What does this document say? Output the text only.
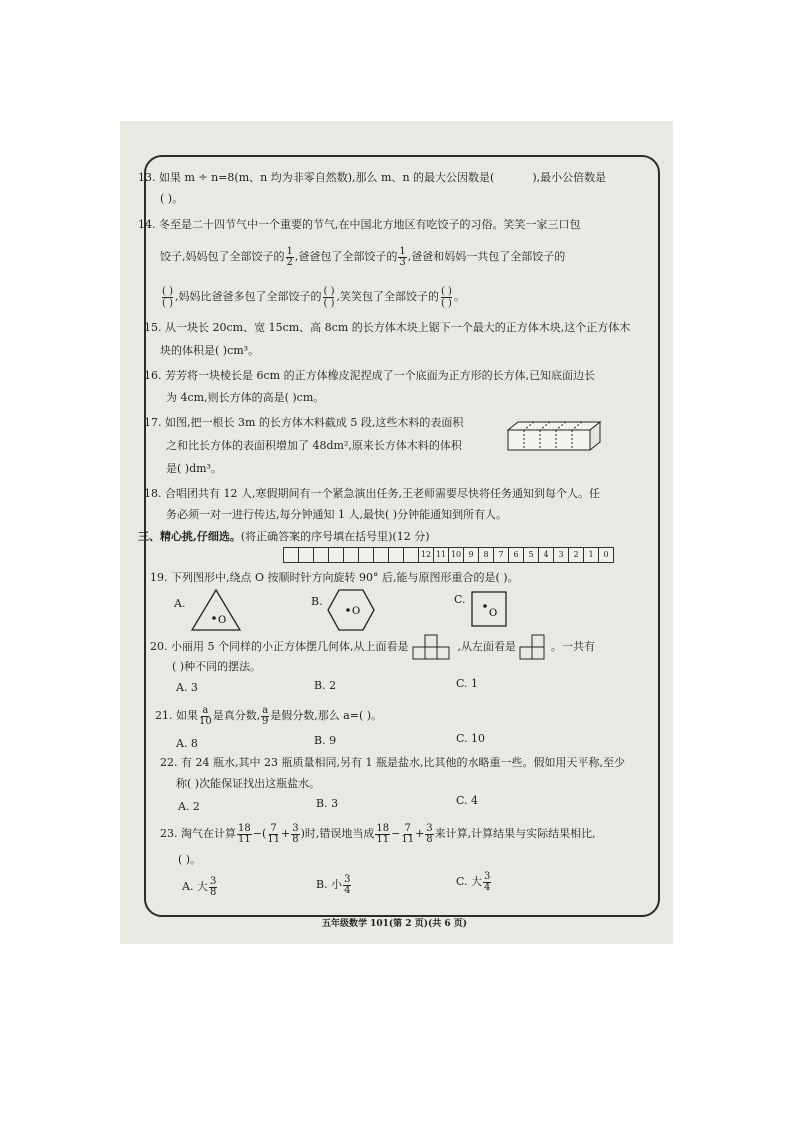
13. 如果 m ÷ n=8(m、n 均为非零自然数),那么 m、n 的最大公因数是(	),最小公倍数是
( )。
14. 冬至是二十四节气中一个重要的节气,在中国北方地区有吃饺子的习俗。笑笑一家三口包
饺子,妈妈包了全部饺子的 $\frac{1}{2}$ ,爸爸包了全部饺子的 $\frac{1}{3}$ ,爸爸和妈妈一共包了全部饺子的
( )
( ) ,妈妈比爸爸多包了全部饺子的 ( )
( ) ,笑笑包了全部饺子的 ( )
( ) 。
15. 从一块长 20cm、宽 15cm、高 8cm 的长方体木块上锯下一个最大的正方体木块,这个正方体木
块的体积是( )cm³。
16. 芳芳将一块棱长是 6cm 的正方体橡皮泥捏成了一个底面为正方形的长方体,已知底面边长
为 4cm,则长方体的高是( )cm。
17. 如图,把一根长 3m 的长方体木料截成 5 段,这些木料的表面积
之和比长方体的表面积增加了 48dm²,原来长方体木料的体积
是( )dm³。
18. 合唱团共有 12 人,寒假期间有一个紧急演出任务,王老师需要尽快将任务通知到每个人。任
务必须一对一进行传达,每分钟通知 1 人,最快( )分钟能通知到所有人。
三、精心挑,仔细选。(将正确答案的序号填在括号里)(12 分)
12 11 10 9	8	7	6	5	4	3	2	1	0
19. 下列图形中,绕点 O 按顺时针方向旋转 90° 后,能与原图形重合的是( )。
A.
O
B.
O
C.
O
20. 小丽用 5 个同样的小正方体摆几何体,从上面看是	,从左面看是	。一共有
( )种不同的摆法。
A. 3	B. 2	C. 1
21. 如果 $\frac{a}{10}$ 是真分数, $\frac{a}{9}$ 是假分数,那么 a=( )。
A. 8	B. 9	C. 10
22. 有 24 瓶水,其中 23 瓶质量相同,另有 1 瓶是盐水,比其他的水略重一些。假如用天平称,至少
称( )次能保证找出这瓶盐水。
A. 2	B. 3	C. 4
23. 淘气在计算 $\frac{18}{11}$ −( $\frac{7}{11} + \frac{3}{8}$ )时,错误地当成 $\frac{18}{11} - \frac{7}{11} + \frac{3}{8}$ 来计算,计算结果与实际结果相比,
( )。
A. 大 $\frac{3}{8}$	B. 小 $\frac{3}{4}$	C. 大 $\frac{3}{4}$
五年级数学 101(第 2 页)(共 6 页)
